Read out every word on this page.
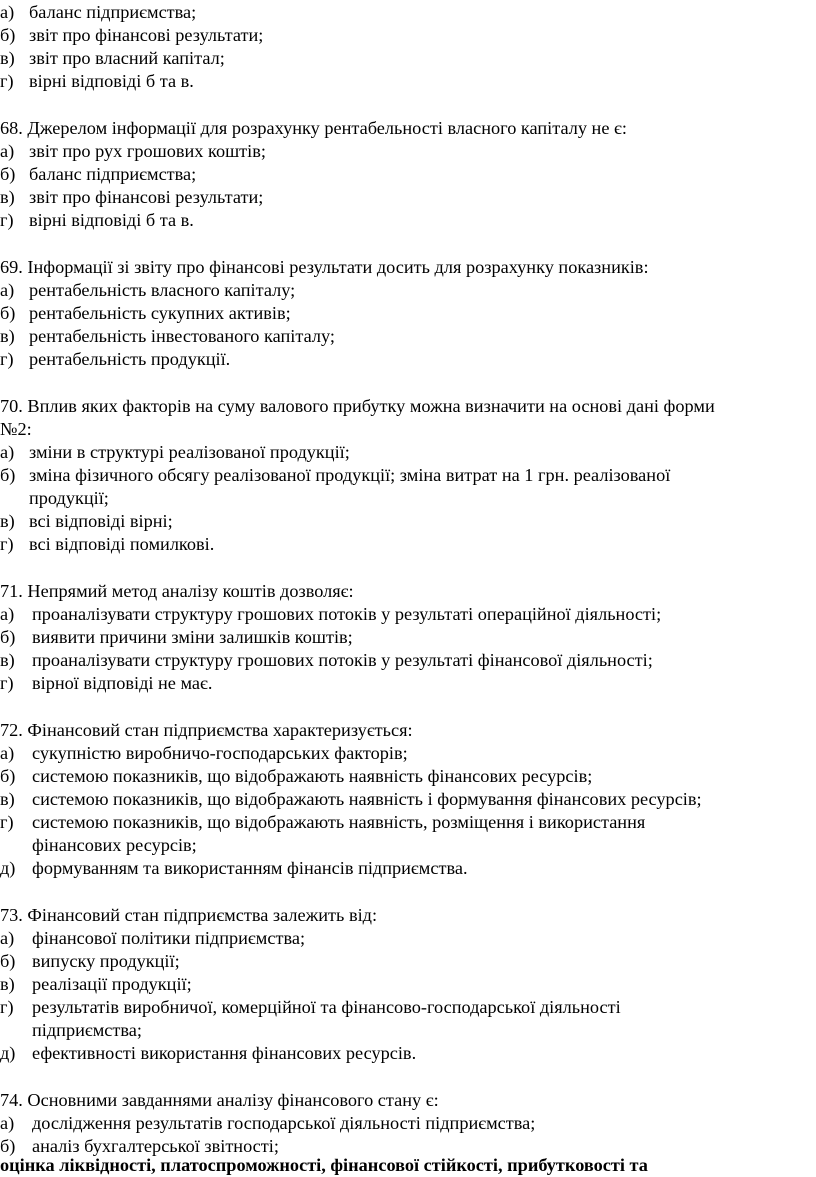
а) баланс підприємства;
б) звіт про фінансові результати;
в) звіт про власний капітал;
г) вірні відповіді б та в.
68. Джерелом інформації для розрахунку рентабельності власного капіталу не є:
а) звіт про рух грошових коштів;
б) баланс підприємства;
в) звіт про фінансові результати;
г) вірні відповіді б та в.
69. Інформації зі звіту про фінансові результати досить для розрахунку показників:
а) рентабельність власного капіталу;
б) рентабельність сукупних активів;
в) рентабельність інвестованого капіталу;
г) рентабельність продукції.
70. Вплив яких факторів на суму валового прибутку можна визначити на основі дані форми
№2:
а) зміни в структурі реалізованої продукції;
б) зміна фізичного обсягу реалізованої продукції; зміна витрат на 1 грн. реалізованої
продукції;
в) всі відповіді вірні;
г) всі відповіді помилкові.
71. Непрямий метод аналізу коштів дозволяє:
а) проаналізувати структуру грошових потоків у результаті операційної діяльності;
б) виявити причини зміни залишків коштів;
в) проаналізувати структуру грошових потоків у результаті фінансової діяльності;
г) вірної відповіді не має.
72. Фінансовий стан підприємства характеризується:
а) сукупністю виробничо-господарських факторів;
б) системою показників, що відображають наявність фінансових ресурсів;
в) системою показників, що відображають наявність і формування фінансових ресурсів;
г) системою показників, що відображають наявність, розміщення і використання
фінансових ресурсів;
д) формуванням та використанням фінансів підприємства.
73. Фінансовий стан підприємства залежить від:
а) фінансової політики підприємства;
б) випуску продукції;
в) реалізації продукції;
г) результатів виробничої, комерційної та фінансово-господарської діяльності
підприємства;
д) ефективності використання фінансових ресурсів.
74. Основними завданнями аналізу фінансового стану є:
а) дослідження результатів господарської діяльності підприємства;
б) аналіз бухгалтерської звітності;
оцінка ліквідності, платоспроможності, фінансової стійкості, прибутковості та
